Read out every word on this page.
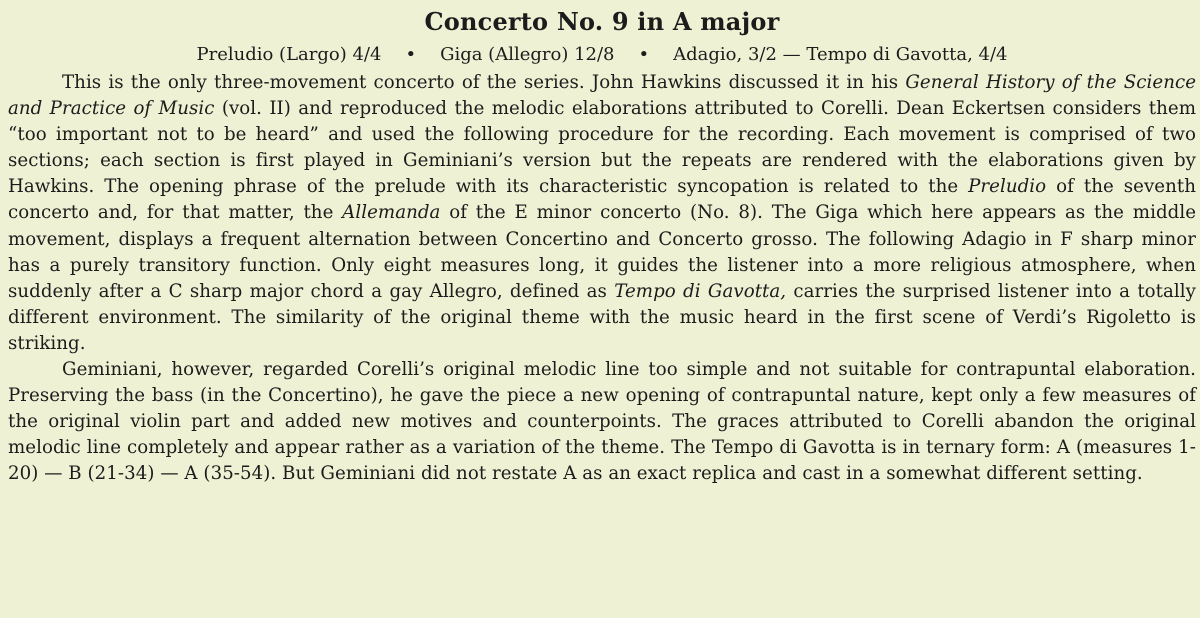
Concerto No. 9 in A major
Preludio (Largo) 4/4 • Giga (Allegro) 12/8 • Adagio, 3/2 — Tempo di Gavotta, 4/4

This is the only three-movement concerto of the series. John Hawkins discussed it in his General History of the Science and Practice of Music (vol. II) and reproduced the melodic elaborations attributed to Corelli. Dean Eckertsen considers them “too important not to be heard” and used the following procedure for the recording. Each movement is comprised of two sections; each section is first played in Geminiani’s version but the repeats are rendered with the elaborations given by Hawkins. The opening phrase of the prelude with its characteristic syncopation is related to the Preludio of the seventh concerto and, for that matter, the Allemanda of the E minor concerto (No. 8). The Giga which here appears as the middle movement, displays a frequent alternation between Concertino and Concerto grosso. The following Adagio in F sharp minor has a purely transitory function. Only eight measures long, it guides the listener into a more religious atmosphere, when suddenly after a C sharp major chord a gay Allegro, defined as Tempo di Gavotta, carries the surprised listener into a totally different environment. The similarity of the original theme with the music heard in the first scene of Verdi’s Rigoletto is striking.

Geminiani, however, regarded Corelli’s original melodic line too simple and not suitable for contrapuntal elaboration. Preserving the bass (in the Concertino), he gave the piece a new opening of contrapuntal nature, kept only a few measures of the original violin part and added new motives and counterpoints. The graces attributed to Corelli abandon the original melodic line completely and appear rather as a variation of the theme. The Tempo di Gavotta is in ternary form: A (measures 1-20) — B (21-34) — A (35-54). But Geminiani did not restate A as an exact replica and cast in a somewhat different setting.
